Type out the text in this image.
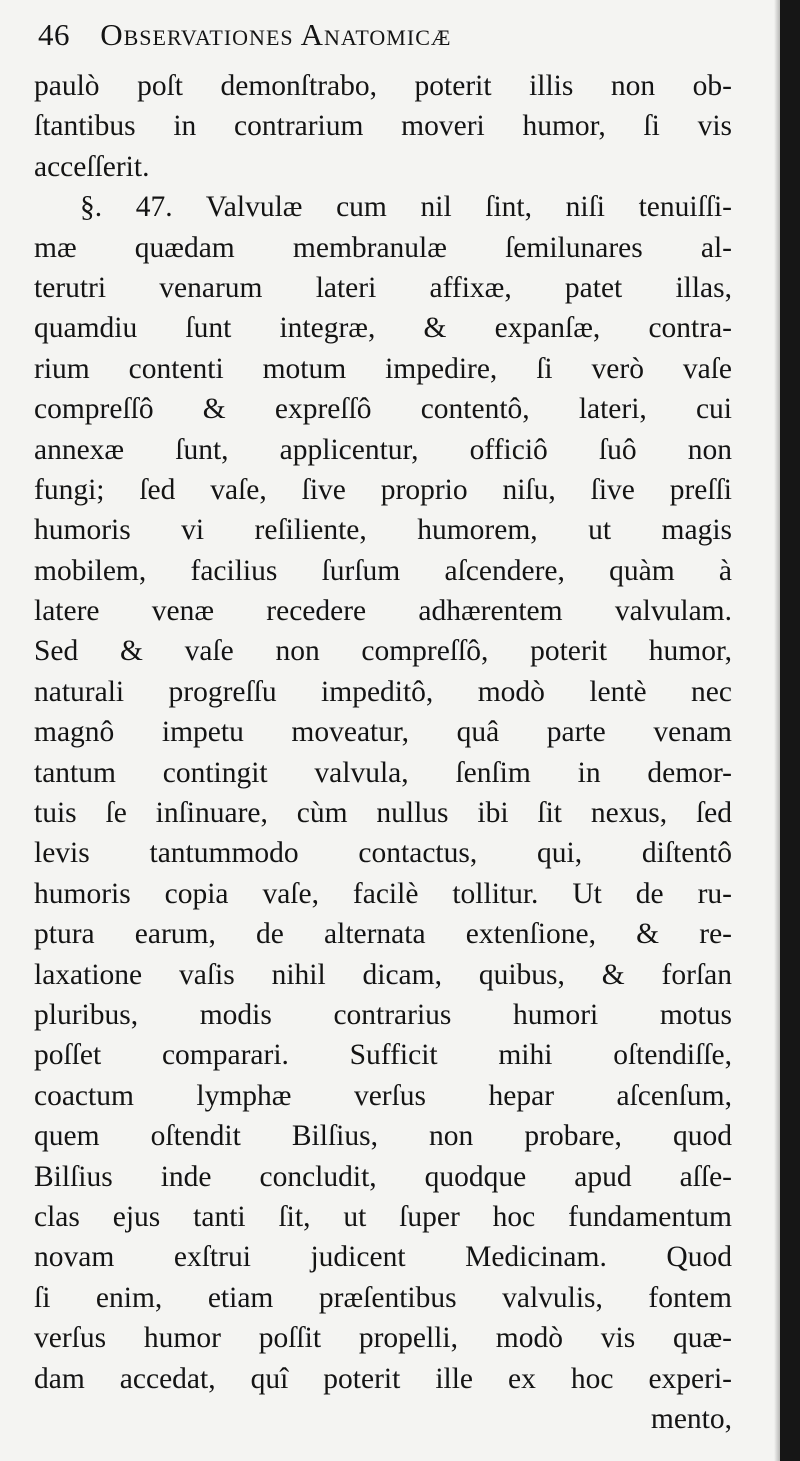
46 Observationes Anatomicæ
paulò poſt demonſtrabo, poterit illis non ob-
ſtantibus in contrarium moveri humor, ſi vis
acceſſerit.
§. 47. Valvulæ cum nil ſint, niſi tenuiſſi-
mæ quædam membranulæ ſemilunares al-
terutri venarum lateri affixæ, patet illas,
quamdiu ſunt integræ, & expanſæ, contra-
rium contenti motum impedire, ſi verò vaſe
compreſſô & expreſſô contentô, lateri, cui
annexæ ſunt, applicentur, officiô ſuô non
fungi; ſed vaſe, ſive proprio niſu, ſive preſſi
humoris vi reſiliente, humorem, ut magis
mobilem, facilius ſurſum aſcendere, quàm à
latere venæ recedere adhærentem valvulam.
Sed & vaſe non compreſſô, poterit humor,
naturali progreſſu impeditô, modò lentè nec
magnô impetu moveatur, quâ parte venam
tantum contingit valvula, ſenſim in demor-
tuis ſe inſinuare, cùm nullus ibi ſit nexus, ſed
levis tantummodo contactus, qui, diſtentô
humoris copia vaſe, facilè tollitur. Ut de ru-
ptura earum, de alternata extenſione, & re-
laxatione vaſis nihil dicam, quibus, & forſan
pluribus, modis contrarius humori motus
poſſet comparari. Sufficit mihi oſtendiſſe,
coactum lymphæ verſus hepar aſcenſum,
quem oſtendit Bilſius, non probare, quod
Bilſius inde concludit, quodque apud aſſe-
clas ejus tanti ſit, ut ſuper hoc fundamentum
novam exſtrui judicent Medicinam. Quod
ſi enim, etiam præſentibus valvulis, fontem
verſus humor poſſit propelli, modò vis quæ-
dam accedat, quî poterit ille ex hoc experi-
mento,
